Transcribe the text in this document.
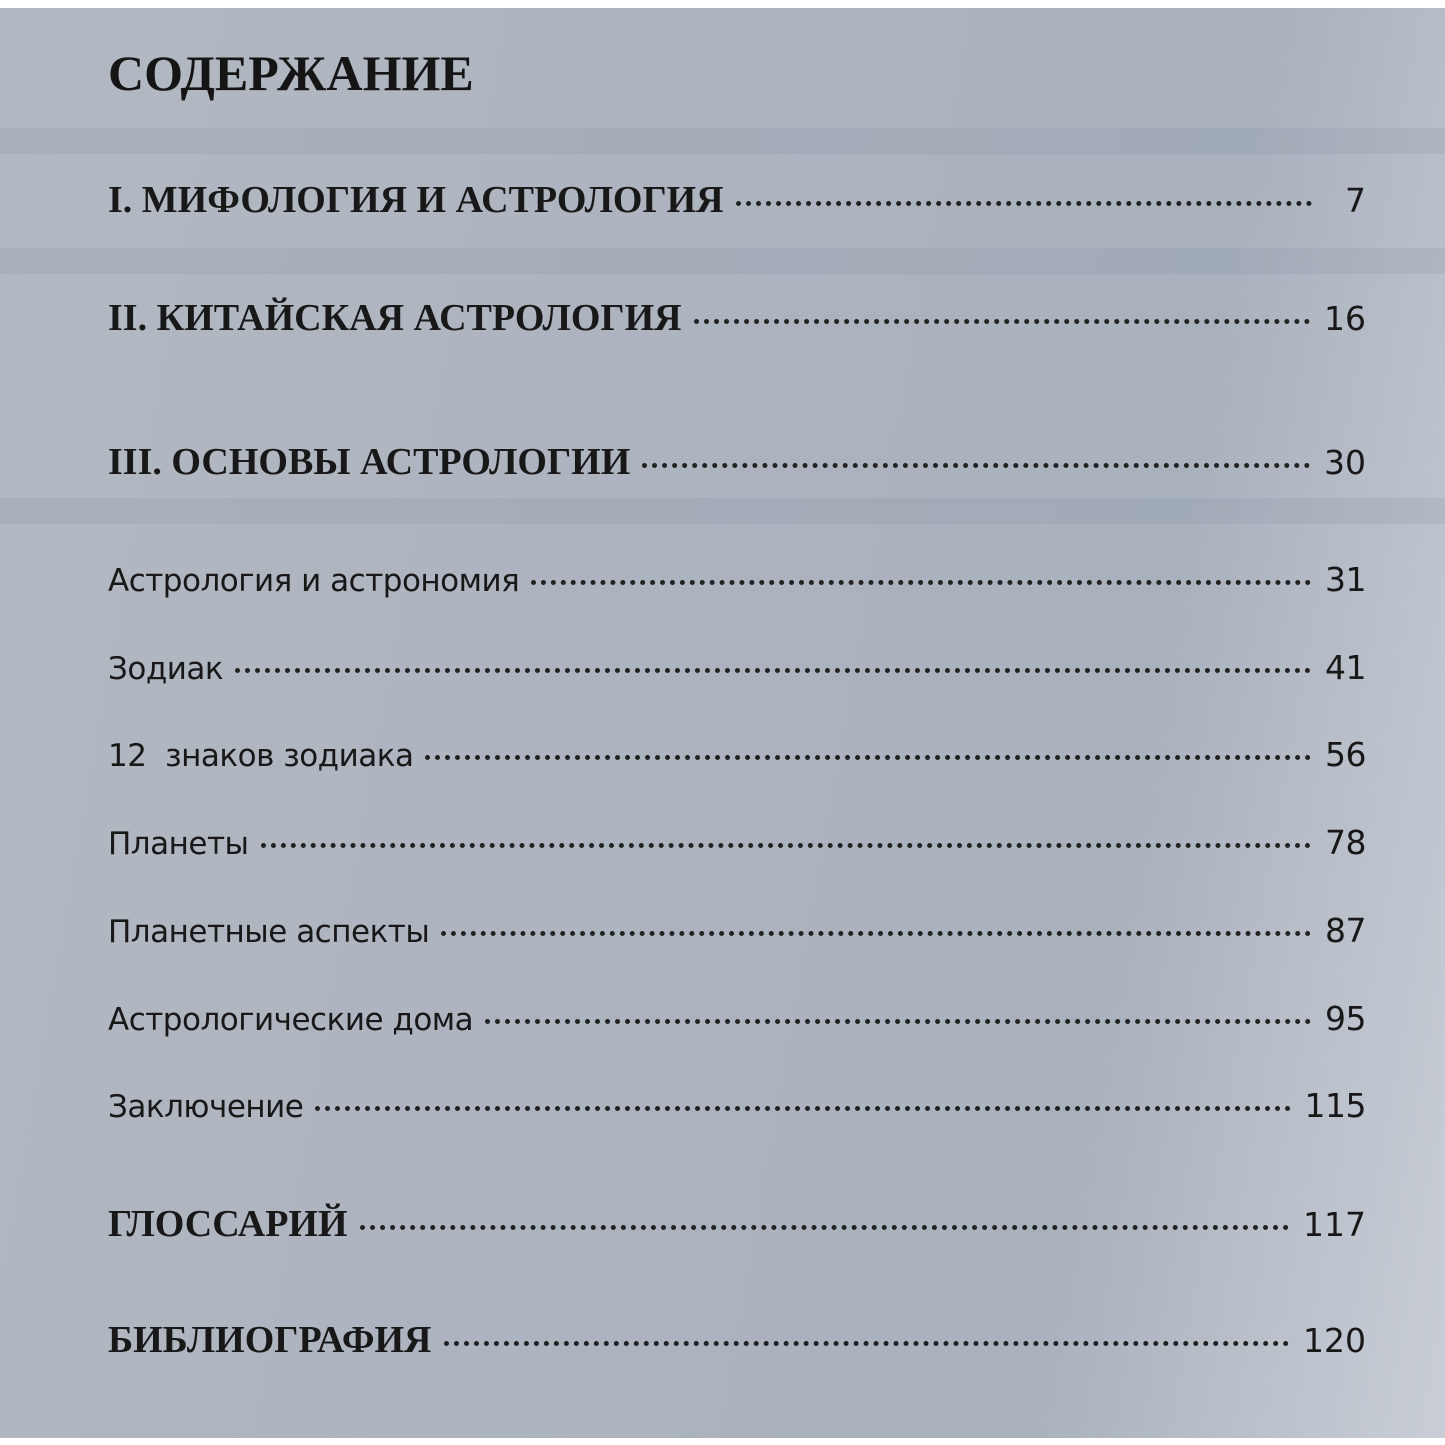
СОДЕРЖАНИЕ
I. МИФОЛОГИЯ И АСТРОЛОГИЯ	7
II. КИТАЙСКАЯ АСТРОЛОГИЯ	16
III. ОСНОВЫ АСТРОЛОГИИ	30
Астрология и астрономия	31
Зодиак	41
12  знаков зодиака	56
Планеты	78
Планетные аспекты	87
Астрологические дома	95
Заключение	115
ГЛОССАРИЙ	117
БИБЛИОГРАФИЯ	120
